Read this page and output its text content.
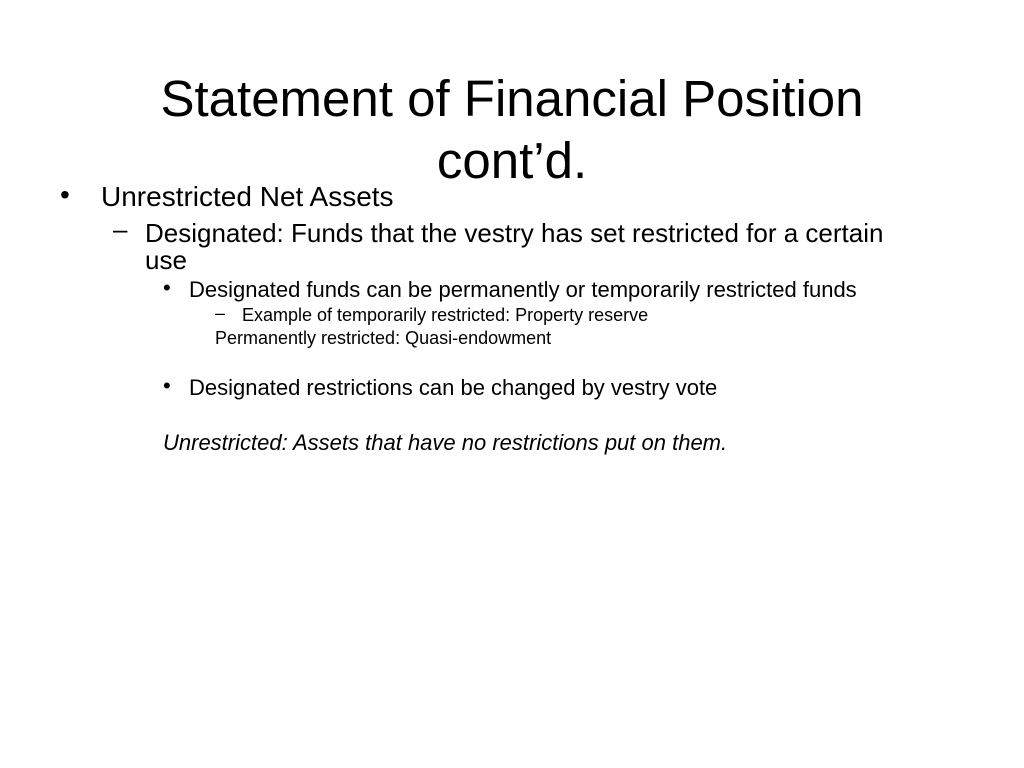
Statement of Financial Position
cont’d.
• Unrestricted Net Assets
– Designated: Funds that the vestry has set restricted for a certain
use
• Designated funds can be permanently or temporarily restricted funds
– Example of temporarily restricted: Property reserve
Permanently restricted: Quasi-endowment
• Designated restrictions can be changed by vestry vote
Unrestricted: Assets that have no restrictions put on them.
